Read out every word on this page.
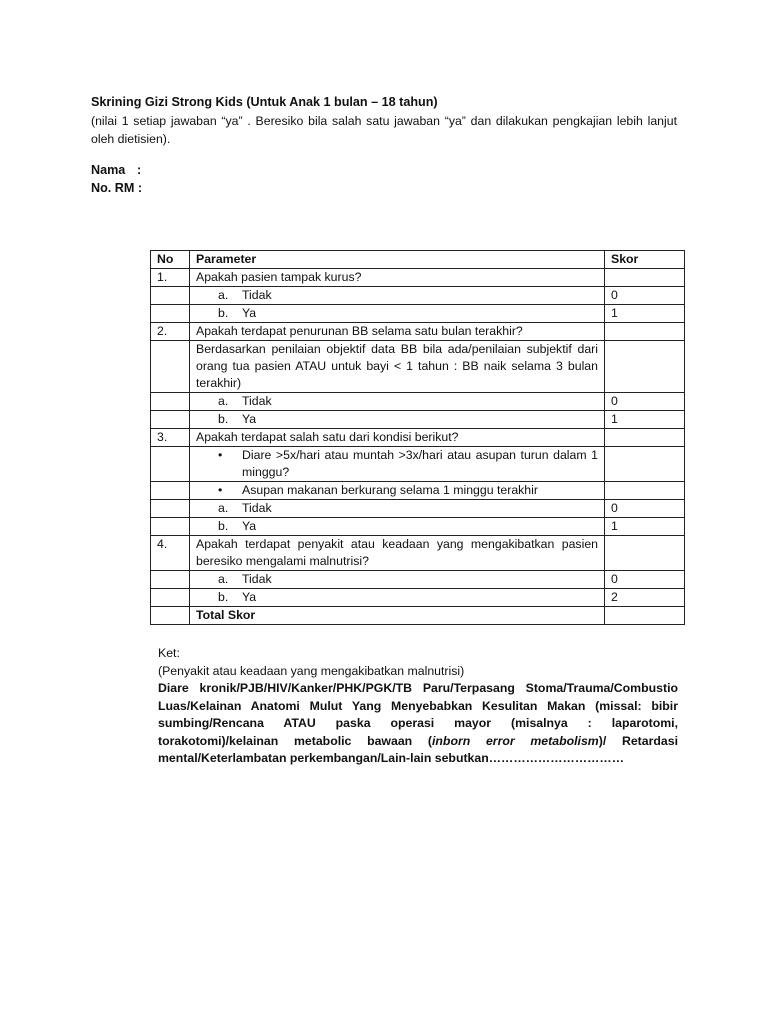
Skrining Gizi Strong Kids (Untuk Anak 1 bulan – 18 tahun)
(nilai 1 setiap jawaban “ya” . Beresiko bila salah satu jawaban “ya” dan dilakukan pengkajian lebih lanjut oleh dietisien).
Nama :
No. RM :
No	Parameter	Skor
1.	Apakah pasien tampak kurus?	

	a. Tidak	0

	b. Ya	1
2.	Apakah terdapat penurunan BB selama satu bulan terakhir?	
	Berdasarkan penilaian objektif data BB bila ada/penilaian subjektif dari orang tua pasien ATAU untuk bayi < 1 tahun : BB naik selama 3 bulan terakhir)	

	a. Tidak	0

	b. Ya	1
3.	Apakah terdapat salah satu dari kondisi berikut?	

	• Diare >5x/hari atau muntah >3x/hari atau asupan turun dalam 1 minggu?	

	• Asupan makanan berkurang selama 1 minggu terakhir	

	a. Tidak	0

	b. Ya	1
4.	Apakah terdapat penyakit atau keadaan yang mengakibatkan pasien beresiko mengalami malnutrisi?	

	a. Tidak	0

	b. Ya	2
	Total Skor	
Ket:
(Penyakit atau keadaan yang mengakibatkan malnutrisi)
Diare kronik/PJB/HIV/Kanker/PHK/PGK/TB Paru/Terpasang Stoma/Trauma/Combustio Luas/Kelainan Anatomi Mulut Yang Menyebabkan Kesulitan Makan (missal: bibir sumbing/Rencana ATAU paska operasi mayor (misalnya : laparotomi, torakotomi)/kelainan metabolic bawaan (inborn error metabolism)/ Retardasi mental/Keterlambatan perkembangan/Lain-lain sebutkan……………………………
